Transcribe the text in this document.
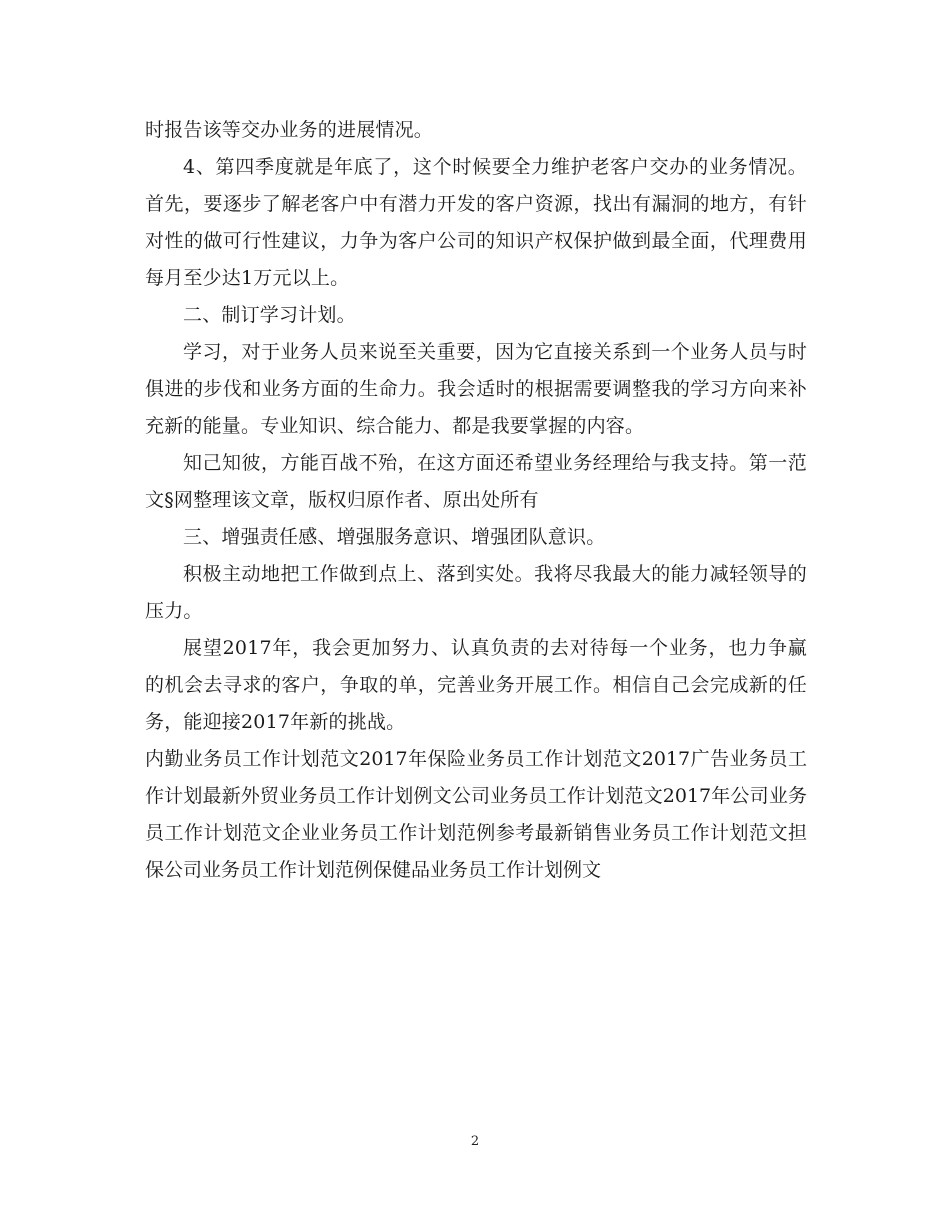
时报告该等交办业务的进展情况。

4、第四季度就是年底了，这个时候要全力维护老客户交办的业务情况。首先，要逐步了解老客户中有潜力开发的客户资源，找出有漏洞的地方，有针对性的做可行性建议，力争为客户公司的知识产权保护做到最全面，代理费用每月至少达1万元以上。

二、制订学习计划。

学习，对于业务人员来说至关重要，因为它直接关系到一个业务人员与时俱进的步伐和业务方面的生命力。我会适时的根据需要调整我的学习方向来补充新的能量。专业知识、综合能力、都是我要掌握的内容。

知己知彼，方能百战不殆，在这方面还希望业务经理给与我支持。第一范文§网整理该文章，版权归原作者、原出处所有

三、增强责任感、增强服务意识、增强团队意识。

积极主动地把工作做到点上、落到实处。我将尽我最大的能力减轻领导的压力。

展望2017年，我会更加努力、认真负责的去对待每一个业务，也力争赢的机会去寻求的客户，争取的单，完善业务开展工作。相信自己会完成新的任务，能迎接2017年新的挑战。

内勤业务员工作计划范文2017年保险业务员工作计划范文2017广告业务员工作计划最新外贸业务员工作计划例文公司业务员工作计划范文2017年公司业务员工作计划范文企业业务员工作计划范例参考最新销售业务员工作计划范文担保公司业务员工作计划范例保健品业务员工作计划例文

2
